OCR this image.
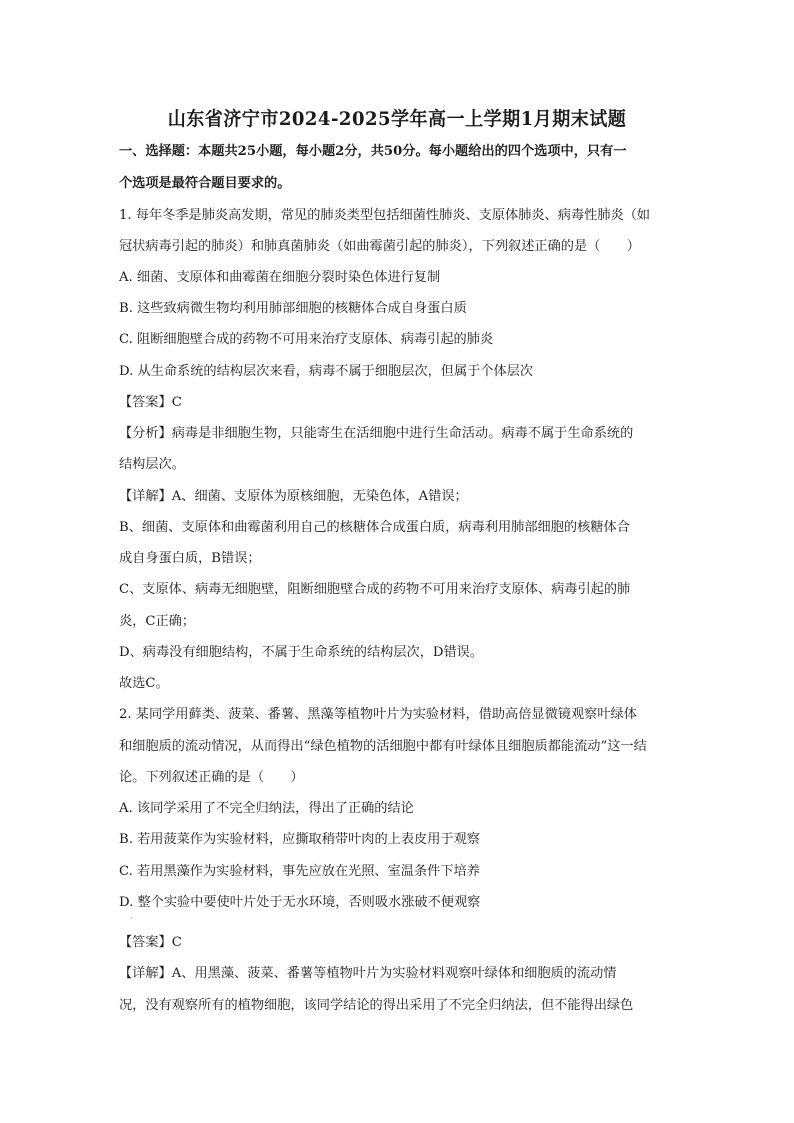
山东省济宁市2024-2025学年高一上学期1月期末试题
一、选择题：本题共25小题，每小题2分，共50分。每小题给出的四个选项中，只有一
个选项是最符合题目要求的。
1. 每年冬季是肺炎高发期，常见的肺炎类型包括细菌性肺炎、支原体肺炎、病毒性肺炎（如
冠状病毒引起的肺炎）和肺真菌肺炎（如曲霉菌引起的肺炎），下列叙述正确的是（　　）
A. 细菌、支原体和曲霉菌在细胞分裂时染色体进行复制
B. 这些致病微生物均利用肺部细胞的核糖体合成自身蛋白质
C. 阻断细胞壁合成的药物不可用来治疗支原体、病毒引起的肺炎
D. 从生命系统的结构层次来看，病毒不属于细胞层次，但属于个体层次
【答案】C
【分析】病毒是非细胞生物，只能寄生在活细胞中进行生命活动。病毒不属于生命系统的
结构层次。
【详解】A、细菌、支原体为原核细胞，无染色体，A错误；
B、细菌、支原体和曲霉菌利用自己的核糖体合成蛋白质，病毒利用肺部细胞的核糖体合
成自身蛋白质，B错误；
C、支原体、病毒无细胞壁，阻断细胞壁合成的药物不可用来治疗支原体、病毒引起的肺
炎，C正确；
D、病毒没有细胞结构，不属于生命系统的结构层次，D错误。
故选C。
2. 某同学用藓类、菠菜、番薯、黑藻等植物叶片为实验材料，借助高倍显微镜观察叶绿体
和细胞质的流动情况，从而得出“绿色植物的活细胞中都有叶绿体且细胞质都能流动”这一结
论。下列叙述正确的是（　　）
A. 该同学采用了不完全归纳法，得出了正确的结论
B. 若用菠菜作为实验材料，应撕取稍带叶肉的上表皮用于观察
C. 若用黑藻作为实验材料，事先应放在光照、室温条件下培养
D. 整个实验中要使叶片处于无水环境，否则吸水涨破不便观察
·
【答案】C
【详解】A、用黑藻、菠菜、番薯等植物叶片为实验材料观察叶绿体和细胞质的流动情
况，没有观察所有的植物细胞，该同学结论的得出采用了不完全归纳法，但不能得出绿色
